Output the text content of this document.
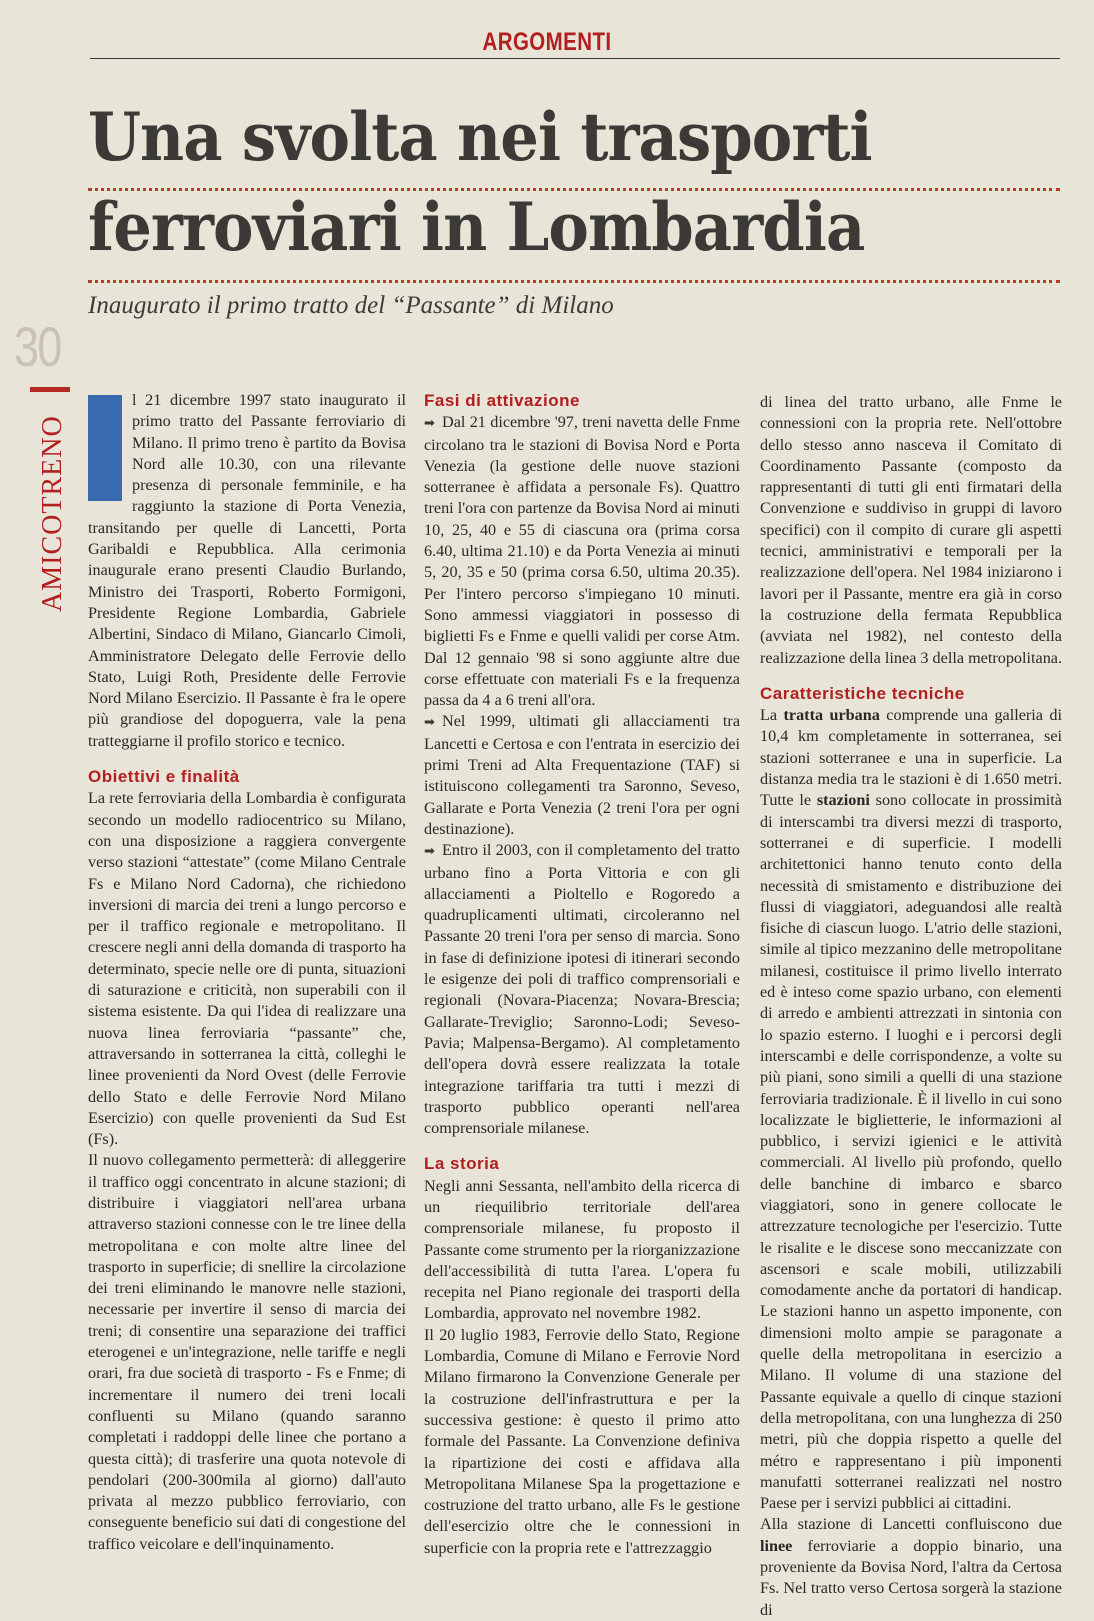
ARGOMENTI
Una svolta nei trasporti
ferroviari in Lombardia
Inaugurato il primo tratto del “Passante” di Milano
30
AMICOTRENO

l 21 dicembre 1997 stato inaugurato il primo tratto del Passante ferroviario di Milano. Il primo treno è partito da Bovisa Nord alle 10.30, con una rilevante presenza di personale femminile, e ha raggiunto la stazione di Porta Venezia, transitando per quelle di Lancetti, Porta Garibaldi e Repubblica. Alla cerimonia inaugurale erano presenti Claudio Burlando, Ministro dei Trasporti, Roberto Formigoni, Presidente Regione Lombardia, Gabriele Albertini, Sindaco di Milano, Giancarlo Cimoli, Amministratore Delegato delle Ferrovie dello Stato, Luigi Roth, Presidente delle Ferrovie Nord Milano Esercizio. Il Passante è fra le opere più grandiose del dopoguerra, vale la pena tratteggiarne il profilo storico e tecnico.

Obiettivi e finalità

La rete ferroviaria della Lombardia è configurata secondo un modello radiocentrico su Milano, con una disposizione a raggiera convergente verso stazioni “attestate” (come Milano Centrale Fs e Milano Nord Cadorna), che richiedono inversioni di marcia dei treni a lungo percorso e per il traffico regionale e metropolitano. Il crescere negli anni della domanda di trasporto ha determinato, specie nelle ore di punta, situazioni di saturazione e criticità, non superabili con il sistema esistente. Da qui l'idea di realizzare una nuova linea ferroviaria “passante” che, attraversando in sotterranea la città, colleghi le linee provenienti da Nord Ovest (delle Ferrovie dello Stato e delle Ferrovie Nord Milano Esercizio) con quelle provenienti da Sud Est (Fs).

Il nuovo collegamento permetterà: di alleggerire il traffico oggi concentrato in alcune stazioni; di distribuire i viaggiatori nell'area urbana attraverso stazioni connesse con le tre linee della metropolitana e con molte altre linee del trasporto in superficie; di snellire la circolazione dei treni eliminando le manovre nelle stazioni, necessarie per invertire il senso di marcia dei treni; di consentire una separazione dei traffici eterogenei e un'integrazione, nelle tariffe e negli orari, fra due società di trasporto - Fs e Fnme; di incrementare il numero dei treni locali confluenti su Milano (quando saranno completati i raddoppi delle linee che portano a questa città); di trasferire una quota notevole di pendolari (200-300mila al giorno) dall'auto privata al mezzo pubblico ferroviario, con conseguente beneficio sui dati di congestione del traffico veicolare e dell'inquinamento.

Fasi di attivazione

➡ Dal 21 dicembre '97, treni navetta delle Fnme circolano tra le stazioni di Bovisa Nord e Porta Venezia (la gestione delle nuove stazioni sotterranee è affidata a personale Fs). Quattro treni l'ora con partenze da Bovisa Nord ai minuti 10, 25, 40 e 55 di ciascuna ora (prima corsa 6.40, ultima 21.10) e da Porta Venezia ai minuti 5, 20, 35 e 50 (prima corsa 6.50, ultima 20.35). Per l'intero percorso s'impiegano 10 minuti. Sono ammessi viaggiatori in possesso di biglietti Fs e Fnme e quelli validi per corse Atm. Dal 12 gennaio '98 si sono aggiunte altre due corse effettuate con materiali Fs e la frequenza passa da 4 a 6 treni all'ora.

➡ Nel 1999, ultimati gli allacciamenti tra Lancetti e Certosa e con l'entrata in esercizio dei primi Treni ad Alta Frequentazione (TAF) si istituiscono collegamenti tra Saronno, Seveso, Gallarate e Porta Venezia (2 treni l'ora per ogni destinazione).

➡ Entro il 2003, con il completamento del tratto urbano fino a Porta Vittoria e con gli allacciamenti a Pioltello e Rogoredo a quadruplicamenti ultimati, circoleranno nel Passante 20 treni l'ora per senso di marcia. Sono in fase di definizione ipotesi di itinerari secondo le esigenze dei poli di traffico comprensoriali e regionali (Novara-Piacenza; Novara-Brescia; Gallarate-Treviglio; Saronno-Lodi; Seveso-Pavia; Malpensa-Bergamo). Al completamento dell'opera dovrà essere realizzata la totale integrazione tariffaria tra tutti i mezzi di trasporto pubblico operanti nell'area comprensoriale milanese.

La storia

Negli anni Sessanta, nell'ambito della ricerca di un riequilibrio territoriale dell'area comprensoriale milanese, fu proposto il Passante come strumento per la riorganizzazione dell'accessibilità di tutta l'area. L'opera fu recepita nel Piano regionale dei trasporti della Lombardia, approvato nel novembre 1982.

Il 20 luglio 1983, Ferrovie dello Stato, Regione Lombardia, Comune di Milano e Ferrovie Nord Milano firmarono la Convenzione Generale per la costruzione dell'infrastruttura e per la successiva gestione: è questo il primo atto formale del Passante. La Convenzione definiva la ripartizione dei costi e affidava alla Metropolitana Milanese Spa la progettazione e costruzione del tratto urbano, alle Fs le gestione dell'esercizio oltre che le connessioni in superficie con la propria rete e l'attrezzaggio

di linea del tratto urbano, alle Fnme le connessioni con la propria rete. Nell'ottobre dello stesso anno nasceva il Comitato di Coordinamento Passante (composto da rappresentanti di tutti gli enti firmatari della Convenzione e suddiviso in gruppi di lavoro specifici) con il compito di curare gli aspetti tecnici, amministrativi e temporali per la realizzazione dell'opera. Nel 1984 iniziarono i lavori per il Passante, mentre era già in corso la costruzione della fermata Repubblica (avviata nel 1982), nel contesto della realizzazione della linea 3 della metropolitana.

Caratteristiche tecniche

La tratta urbana comprende una galleria di 10,4 km completamente in sotterranea, sei stazioni sotterranee e una in superficie. La distanza media tra le stazioni è di 1.650 metri. Tutte le stazioni sono collocate in prossimità di interscambi tra diversi mezzi di trasporto, sotterranei e di superficie. I modelli architettonici hanno tenuto conto della necessità di smistamento e distribuzione dei flussi di viaggiatori, adeguandosi alle realtà fisiche di ciascun luogo. L'atrio delle stazioni, simile al tipico mezzanino delle metropolitane milanesi, costituisce il primo livello interrato ed è inteso come spazio urbano, con elementi di arredo e ambienti attrezzati in sintonia con lo spazio esterno. I luoghi e i percorsi degli interscambi e delle corrispondenze, a volte su più piani, sono simili a quelli di una stazione ferroviaria tradizionale. È il livello in cui sono localizzate le biglietterie, le informazioni al pubblico, i servizi igienici e le attività commerciali. Al livello più profondo, quello delle banchine di imbarco e sbarco viaggiatori, sono in genere collocate le attrezzature tecnologiche per l'esercizio. Tutte le risalite e le discese sono meccanizzate con ascensori e scale mobili, utilizzabili comodamente anche da portatori di handicap. Le stazioni hanno un aspetto imponente, con dimensioni molto ampie se paragonate a quelle della metropolitana in esercizio a Milano. Il volume di una stazione del Passante equivale a quello di cinque stazioni della metropolitana, con una lunghezza di 250 metri, più che doppia rispetto a quelle del métro e rappresentano i più imponenti manufatti sotterranei realizzati nel nostro Paese per i servizi pubblici ai cittadini.

Alla stazione di Lancetti confluiscono due linee ferroviarie a doppio binario, una proveniente da Bovisa Nord, l'altra da Certosa Fs. Nel tratto verso Certosa sorgerà la stazione di
